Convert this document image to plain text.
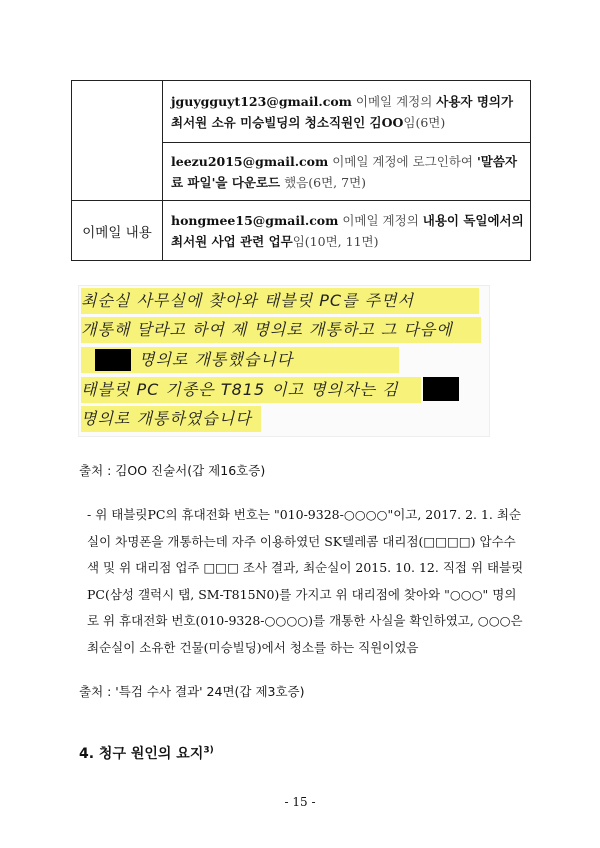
	jguygguyt123@gmail.com 이메일 계정의 사용자 명의가 최서원 소유 미승빌딩의 청소직원인 김OO임(6면)
	leezu2015@gmail.com 이메일 계정에 로그인하여 '말씀자료 파일'을 다운로드 했음(6면, 7면)
이메일 내용	hongmee15@gmail.com 이메일 계정의 내용이 독일에서의 최서원 사업 관련 업무임(10면, 11면)
최순실 사무실에 찾아와 태블릿 PC를 주면서
개통해 달라고 하여 제 명의로 개통하고 그 다음에
명의로 개통했습니다
태블릿 PC 기종은 T815 이고 명의자는 김
명의로 개통하였습니다
출처 : 김OO 진술서(갑 제16호증)
- 위 태블릿PC의 휴대전화 번호는 "010-9328-○○○○"이고, 2017. 2. 1. 최순실이 차명폰을 개통하는데 자주 이용하였던 SK텔레콤 대리점(□□□□) 압수수색 및 위 대리점 업주 □□□ 조사 결과, 최순실이 2015. 10. 12. 직접 위 태블릿 PC(삼성 갤럭시 탭, SM-T815N0)를 가지고 위 대리점에 찾아와 "○○○" 명의로 위 휴대전화 번호(010-9328-○○○○)를 개통한 사실을 확인하였고, ○○○은 최순실이 소유한 건물(미승빌딩)에서 청소를 하는 직원이었음
출처 : '특검 수사 결과' 24면(갑 제3호증)
4. 청구 원인의 요지$^{3)}$
- 15 -
